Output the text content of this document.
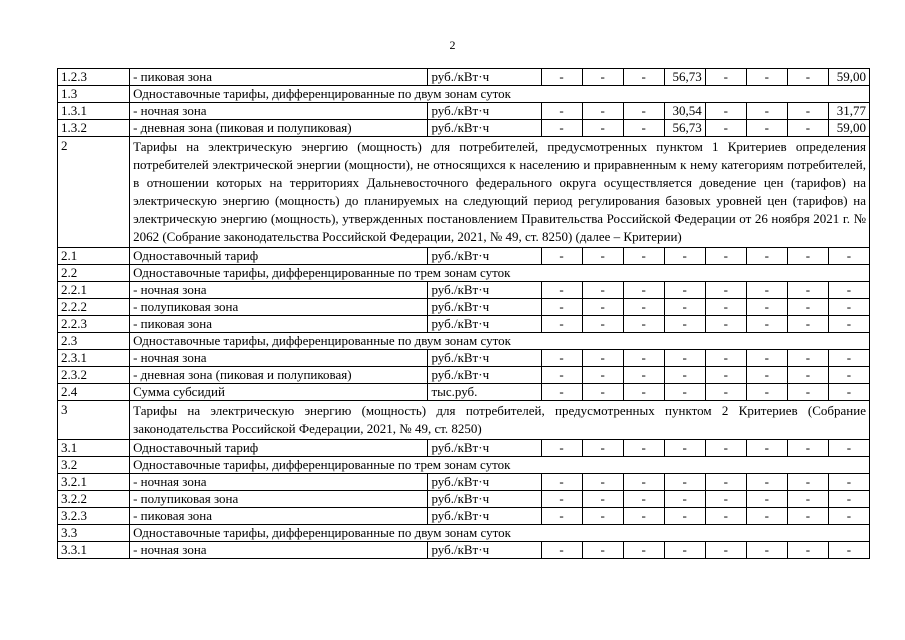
2
1.2.3	- пиковая зона	руб./кВт·ч	-	-	-	56,73	-	-	-	59,00
1.3	Одноставочные тарифы, дифференцированные по двум зонам суток									
1.3.1	- ночная зона	руб./кВт·ч	-	-	-	30,54	-	-	-	31,77
1.3.2	- дневная зона (пиковая и полупиковая)	руб./кВт·ч	-	-	-	56,73	-	-	-	59,00
2	Тарифы на электрическую энергию (мощность) для потребителей, предусмотренных пунктом 1 Критериев определения потребителей электрической энергии (мощности), не относящихся к населению и приравненным к нему категориям потребителей, в отношении которых на территориях Дальневосточного федерального округа осуществляется доведение цен (тарифов) на электрическую энергию (мощность) до планируемых на следующий период регулирования базовых уровней цен (тарифов) на электрическую энергию (мощность), утвержденных постановлением Правительства Российской Федерации от 26 ноября 2021 г. № 2062 (Собрание законодательства Российской Федерации, 2021, № 49, ст. 8250) (далее – Критерии)									
2.1	Одноставочный тариф	руб./кВт·ч	-	-	-	-	-	-	-	-
2.2	Одноставочные тарифы, дифференцированные по трем зонам суток									
2.2.1	- ночная зона	руб./кВт·ч	-	-	-	-	-	-	-	-
2.2.2	- полупиковая зона	руб./кВт·ч	-	-	-	-	-	-	-	-
2.2.3	- пиковая зона	руб./кВт·ч	-	-	-	-	-	-	-	-
2.3	Одноставочные тарифы, дифференцированные по двум зонам суток									
2.3.1	- ночная зона	руб./кВт·ч	-	-	-	-	-	-	-	-
2.3.2	- дневная зона (пиковая и полупиковая)	руб./кВт·ч	-	-	-	-	-	-	-	-
2.4	Сумма субсидий	тыс.руб.	-	-	-	-	-	-	-	-
3	Тарифы на электрическую энергию (мощность) для потребителей, предусмотренных пунктом 2 Критериев (Собрание законодательства Российской Федерации, 2021, № 49, ст. 8250)									
3.1	Одноставочный тариф	руб./кВт·ч	-	-	-	-	-	-	-	-
3.2	Одноставочные тарифы, дифференцированные по трем зонам суток									
3.2.1	- ночная зона	руб./кВт·ч	-	-	-	-	-	-	-	-
3.2.2	- полупиковая зона	руб./кВт·ч	-	-	-	-	-	-	-	-
3.2.3	- пиковая зона	руб./кВт·ч	-	-	-	-	-	-	-	-
3.3	Одноставочные тарифы, дифференцированные по двум зонам суток									
3.3.1	- ночная зона	руб./кВт·ч	-	-	-	-	-	-	-	-
